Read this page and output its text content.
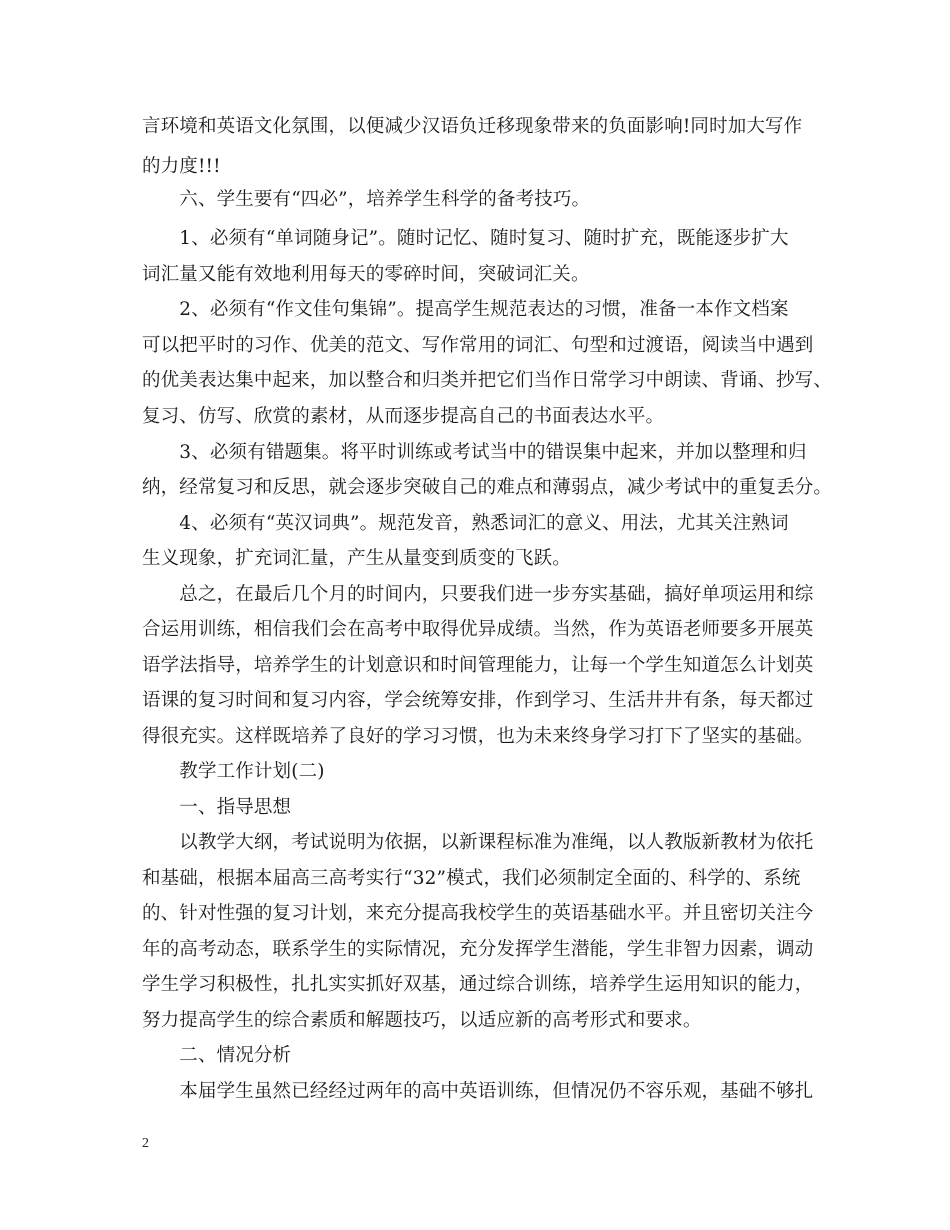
言环境和英语文化氛围，以便减少汉语负迁移现象带来的负面影响!同时加大写作
的力度!!!
　　六、学生要有“四必”，培养学生科学的备考技巧。
　　1、必须有“单词随身记”。随时记忆、随时复习、随时扩充，既能逐步扩大
词汇量又能有效地利用每天的零碎时间，突破词汇关。
　　2、必须有“作文佳句集锦”。提高学生规范表达的习惯，准备一本作文档案
可以把平时的习作、优美的范文、写作常用的词汇、句型和过渡语，阅读当中遇到
的优美表达集中起来，加以整合和归类并把它们当作日常学习中朗读、背诵、抄写、
复习、仿写、欣赏的素材，从而逐步提高自己的书面表达水平。
　　3、必须有错题集。将平时训练或考试当中的错误集中起来，并加以整理和归
纳，经常复习和反思，就会逐步突破自己的难点和薄弱点，减少考试中的重复丢分。
　　4、必须有“英汉词典”。规范发音，熟悉词汇的意义、用法，尤其关注熟词
生义现象，扩充词汇量，产生从量变到质变的飞跃。
　　总之，在最后几个月的时间内，只要我们进一步夯实基础，搞好单项运用和综
合运用训练，相信我们会在高考中取得优异成绩。当然，作为英语老师要多开展英
语学法指导，培养学生的计划意识和时间管理能力，让每一个学生知道怎么计划英
语课的复习时间和复习内容，学会统筹安排，作到学习、生活井井有条，每天都过
得很充实。这样既培养了良好的学习习惯，也为未来终身学习打下了坚实的基础。
　　教学工作计划(二)
　　一、指导思想
　　以教学大纲，考试说明为依据，以新课程标准为准绳，以人教版新教材为依托
和基础，根据本届高三高考实行“32”模式，我们必须制定全面的、科学的、系统
的、针对性强的复习计划，来充分提高我校学生的英语基础水平。并且密切关注今
年的高考动态，联系学生的实际情况，充分发挥学生潜能，学生非智力因素，调动
学生学习积极性，扎扎实实抓好双基，通过综合训练，培养学生运用知识的能力，
努力提高学生的综合素质和解题技巧，以适应新的高考形式和要求。
　　二、情况分析
　　本届学生虽然已经经过两年的高中英语训练，但情况仍不容乐观，基础不够扎
2
